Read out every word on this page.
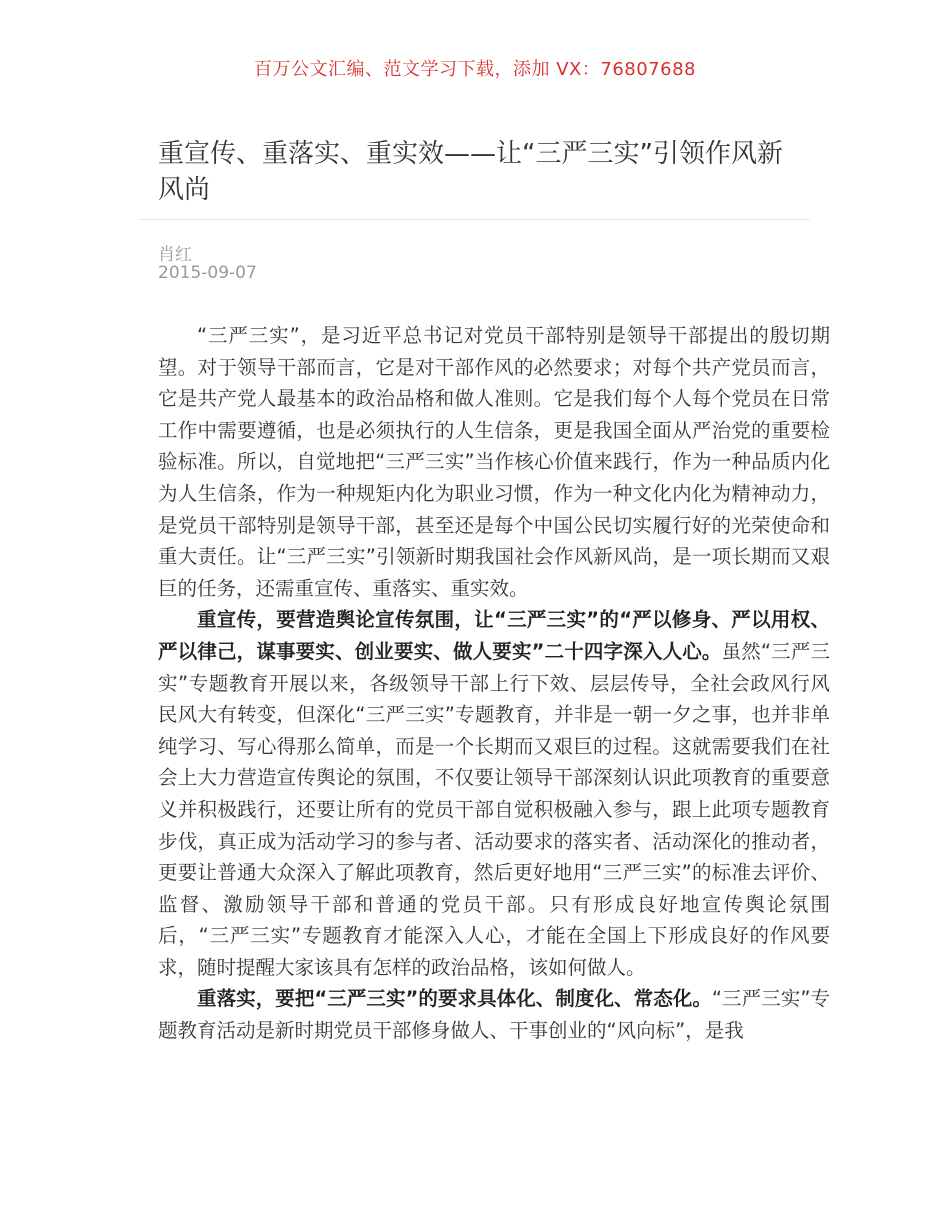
百万公文汇编、范文学习下载，添加 VX：76807688
重宣传、重落实、重实效——让“三严三实”引领作风新风尚
肖红
2015-09-07

“三严三实”，是习近平总书记对党员干部特别是领导干部提出的殷切期望。对于领导干部而言，它是对干部作风的必然要求；对每个共产党员而言，它是共产党人最基本的政治品格和做人准则。它是我们每个人每个党员在日常工作中需要遵循，也是必须执行的人生信条，更是我国全面从严治党的重要检验标准。所以，自觉地把“三严三实”当作核心价值来践行，作为一种品质内化为人生信条，作为一种规矩内化为职业习惯，作为一种文化内化为精神动力，是党员干部特别是领导干部，甚至还是每个中国公民切实履行好的光荣使命和重大责任。让“三严三实”引领新时期我国社会作风新风尚，是一项长期而又艰巨的任务，还需重宣传、重落实、重实效。

重宣传，要营造舆论宣传氛围，让“三严三实”的“严以修身、严以用权、严以律己，谋事要实、创业要实、做人要实”二十四字深入人心。虽然“三严三实”专题教育开展以来，各级领导干部上行下效、层层传导，全社会政风行风民风大有转变，但深化“三严三实”专题教育，并非是一朝一夕之事，也并非单纯学习、写心得那么简单，而是一个长期而又艰巨的过程。这就需要我们在社会上大力营造宣传舆论的氛围，不仅要让领导干部深刻认识此项教育的重要意义并积极践行，还要让所有的党员干部自觉积极融入参与，跟上此项专题教育步伐，真正成为活动学习的参与者、活动要求的落实者、活动深化的推动者，更要让普通大众深入了解此项教育，然后更好地用“三严三实”的标准去评价、监督、激励领导干部和普通的党员干部。只有形成良好地宣传舆论氛围后，“三严三实”专题教育才能深入人心，才能在全国上下形成良好的作风要求，随时提醒大家该具有怎样的政治品格，该如何做人。

重落实，要把“三严三实”的要求具体化、制度化、常态化。“三严三实”专题教育活动是新时期党员干部修身做人、干事创业的“风向标”，是我
